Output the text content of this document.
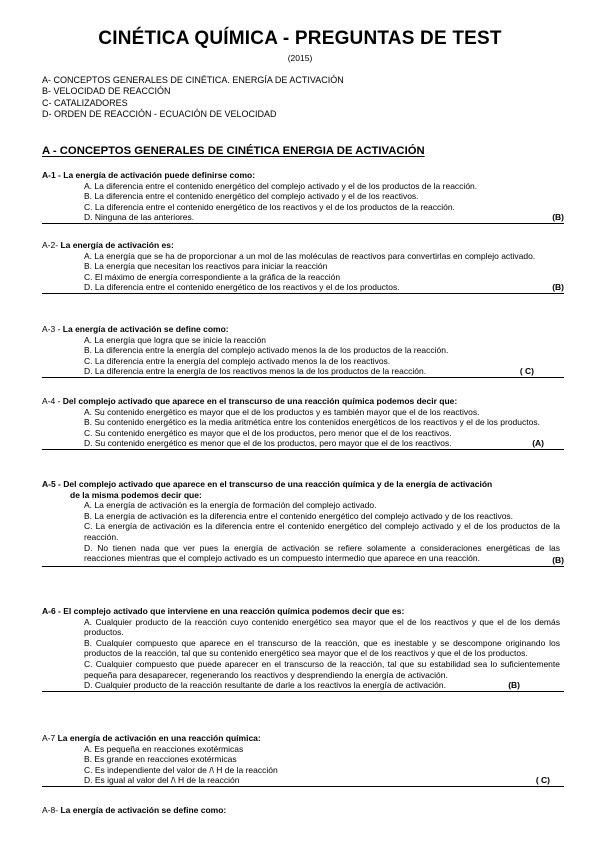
CINÉTICA QUÍMICA - PREGUNTAS DE TEST
(2015)
A- CONCEPTOS GENERALES DE CINÉTICA. ENERGÍA DE ACTIVACIÓN
B- VELOCIDAD DE REACCIÓN
C- CATALIZADORES
D- ORDEN DE REACCIÓN - ECUACIÓN DE VELOCIDAD
A - CONCEPTOS GENERALES DE CINÉTICA ENERGIA DE ACTIVACIÓN
A-1 - La energía de activación puede definirse como:
A. La diferencia entre el contenido energético del complejo activado y el de los productos de la reacción.
B. La diferencia entre el contenido energético del complejo activado y el de los reactivos.
C. La diferencia entre el contenido energético de los reactivos y el de los productos de la reacción.
D. Ninguna de las anteriores.	(B)
A-2- La energía de activación es:
A. La energía que se ha de proporcionar a un mol de las moléculas de reactivos para convertirlas en complejo activado.
B. La energía que necesitan los reactivos para iniciar la reacción
C. El máximo de energía correspondiente a la gráfica de la reacción
D. La diferencia entre el contenido energético de los reactivos y el de los productos.	(B)
A-3 - La energía de activación se define como:
A. La energía que logra que se inicie la reacción
B. La diferencia entre la energía del complejo activado menos la de los productos de la reacción.
C. La diferencia entre la energía del complejo activado menos la de los reactivos.
D. La diferencia entre la energía de los reactivos menos la de los productos de la reacción.	( C)
A-4 - Del complejo activado que aparece en el transcurso de una reacción química podemos decir que:
A. Su contenido energético es mayor que el de los productos y es también mayor que el de los reactivos.
B. Su contenido energético es la media aritmética entre los contenidos energéticos de los reactivos y el de los productos.
C. Su contenido energético es mayor que el de los productos, pero menor que el de los reactivos.
D. Su contenido energético es menor que el de los productos, pero mayor que el de los reactivos.	(A)
A-5 - Del complejo activado que aparece en el transcurso de una reacción química y de la energía de activación
de la misma podemos decir que:
A. La energía de activación es la energía de formación del complejo activado.
B. La energía de activación es la diferencia entre el contenido energético del complejo activado y de los reactivos.
C. La energía de activación es la diferencia entre el contenido energético del complejo activado y el de los productos de la reacción.
D. No tienen nada que ver pues la energía de activación se refiere solamente a consideraciones energéticas de las reacciones mientras que el complejo activado es un compuesto intermedio que aparece en una reacción.	(B)
A-6 - El complejo activado que interviene en una reacción química podemos decir que es:
A. Cualquier producto de la reacción cuyo contenido energético sea mayor que el de los reactivos y que el de los demás productos.
B. Cualquier compuesto que aparece en el transcurso de la reacción, que es inestable y se descompone originando los productos de la reacción, tal que su contenido energético sea mayor que el de los reactivos y que el de los productos.
C. Cualquier compuesto que puede aparecer en el transcurso de la reacción, tal que su estabilidad sea lo suficientemente pequeña para desaparecer, regenerando los reactivos y desprendiendo la energía de activación.
D. Cualquier producto de la reacción resultante de darle a los reactivos la energía de activación.	(B)
A-7 La energía de activación en una reacción química:
A. Es pequeña en reacciones exotérmicas
B. Es grande en reacciones exotérmicas
C. Es independiente del valor de /\ H de la reacción
D. Es igual al valor del /\ H de la reacción	( C)
A-8- La energía de activación se define como:
